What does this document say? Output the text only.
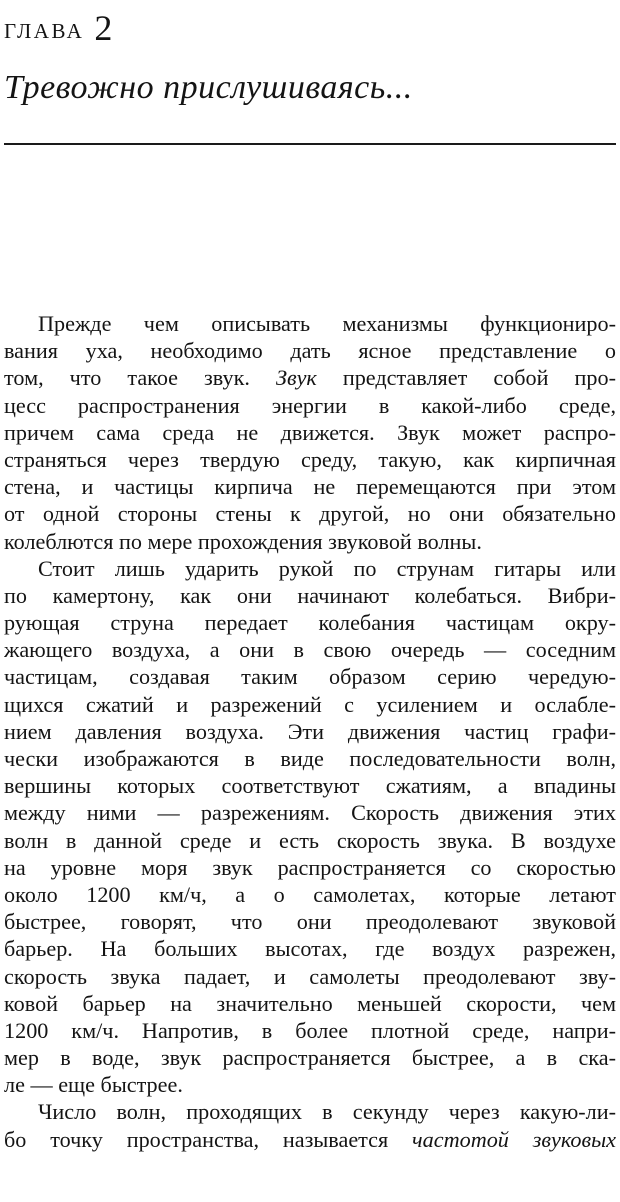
ГЛАВА 2
Тревожно прислушиваясь...
Прежде чем описывать механизмы функциониро-
вания уха, необходимо дать ясное представление о
том, что такое звук. Звук представляет собой про-
цесс распространения энергии в какой-либо среде,
причем сама среда не движется. Звук может распро-
страняться через твердую среду, такую, как кирпичная
стена, и частицы кирпича не перемещаются при этом
от одной стороны стены к другой, но они обязательно
колеблются по мере прохождения звуковой волны.
Стоит лишь ударить рукой по струнам гитары или
по камертону, как они начинают колебаться. Вибри-
рующая струна передает колебания частицам окру-
жающего воздуха, а они в свою очередь — соседним
частицам, создавая таким образом серию чередую-
щихся сжатий и разрежений с усилением и ослабле-
нием давления воздуха. Эти движения частиц графи-
чески изображаются в виде последовательности волн,
вершины которых соответствуют сжатиям, а впадины
между ними — разрежениям. Скорость движения этих
волн в данной среде и есть скорость звука. В воздухе
на уровне моря звук распространяется со скоростью
около 1200 км/ч, а о самолетах, которые летают
быстрее, говорят, что они преодолевают звуковой
барьер. На больших высотах, где воздух разрежен,
скорость звука падает, и самолеты преодолевают зву-
ковой барьер на значительно меньшей скорости, чем
1200 км/ч. Напротив, в более плотной среде, напри-
мер в воде, звук распространяется быстрее, а в ска-
ле — еще быстрее.
Число волн, проходящих в секунду через какую-ли-
бо точку пространства, называется частотой звуковых
